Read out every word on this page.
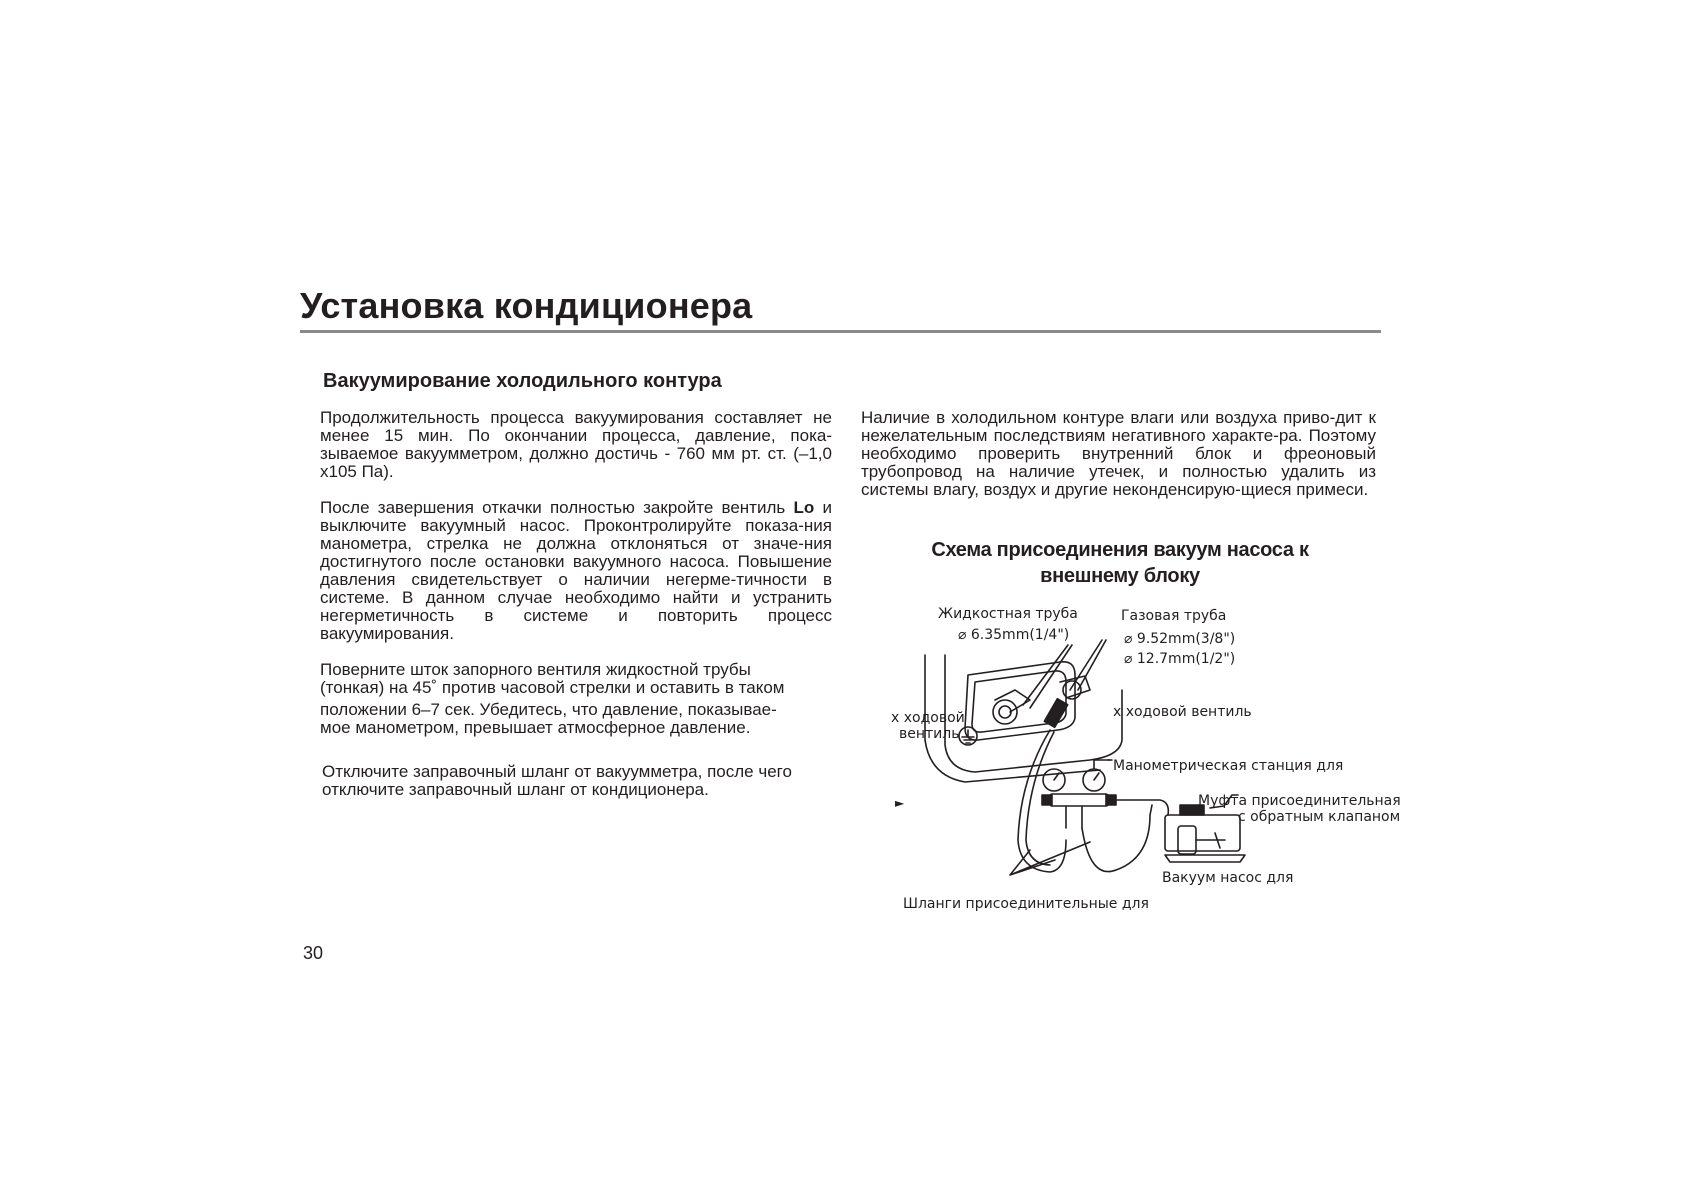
Установка кондиционера
Вакуумирование холодильного контура

Продолжительность процесса вакуумирования составляет не менее 15 мин. По окончании процесса, давление, пока-зываемое вакуумметром, должно достичь - 760 мм рт. ст. (–1,0 x105 Па).

После завершения откачки полностью закройте вентиль Lo и выключите вакуумный насос. Проконтролируйте показа-ния манометра, стрелка не должна отклоняться от значе-ния достигнутого после остановки вакуумного насоса. Повышение давления свидетельствует о наличии негерме-тичности в системе. В данном случае необходимо найти и устранить негерметичность в системе и повторить процесс вакуумирования.

Поверните шток запорного вентиля жидкостной трубы
(тонкая) на 45˚ против часовой стрелки и оставить в таком
положении 6–7 сек. Убедитесь, что давление, показывае-
мое манометром, превышает атмосферное давление.

Отключите заправочный шланг от вакуумметра, после чего отключите заправочный шланг от кондиционера.

Наличие в холодильном контуре влаги или воздуха приво-дит к нежелательным последствиям негативного характе-ра. Поэтому необходимо проверить внутренний блок и фреоновый трубопровод на наличие утечек, и полностью удалить из системы влагу, воздух и другие неконденсирую-щиеся примеси.

Схема присоединения вакуум насоса к
внешнему блоку
Жидкостная труба
⌀ 6.35mm(1/4")
Газовая труба
⌀ 9.52mm(3/8")
⌀ 12.7mm(1/2")
x ходовой
вентиль
x ходовой вентиль
Манометрическая станция для
Муфта присоединительная
с обратным клапаном
Вакуум насос для
Шланги присоединительные для
►

30
